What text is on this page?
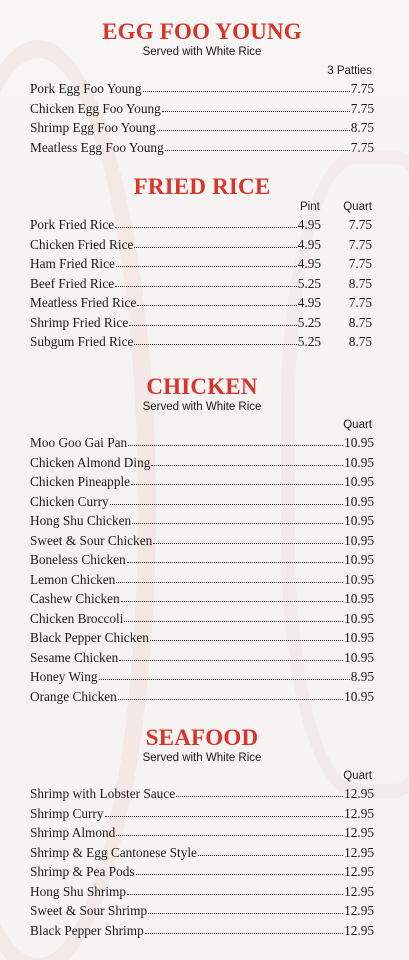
EGG FOO YOUNG
Served with White Rice
3 Patties
Pork Egg Foo Young	7.75
Chicken Egg Foo Young	7.75
Shrimp Egg Foo Young	8.75
Meatless Egg Foo Young	7.75
FRIED RICE
Pint Quart
Pork Fried Rice	4.95 7.75
Chicken Fried Rice	4.95 7.75
Ham Fried Rice	4.95 7.75
Beef Fried Rice	5.25 8.75
Meatless Fried Rice	4.95 7.75
Shrimp Fried Rice	5.25 8.75
Subgum Fried Rice	5.25 8.75
CHICKEN
Served with White Rice
Quart
Moo Goo Gai Pan	10.95
Chicken Almond Ding	10.95
Chicken Pineapple	10.95
Chicken Curry	10.95
Hong Shu Chicken	10.95
Sweet & Sour Chicken	10.95
Boneless Chicken	10.95
Lemon Chicken	10.95
Cashew Chicken	10.95
Chicken Broccoli	10.95
Black Pepper Chicken	10.95
Sesame Chicken	10.95
Honey Wing	8.95
Orange Chicken	10.95
SEAFOOD
Served with White Rice
Quart
Shrimp with Lobster Sauce	12.95
Shrimp Curry	12.95
Shrimp Almond	12.95
Shrimp & Egg Cantonese Style	12.95
Shrimp & Pea Pods	12.95
Hong Shu Shrimp	12.95
Sweet & Sour Shrimp	12.95
Black Pepper Shrimp	12.95
